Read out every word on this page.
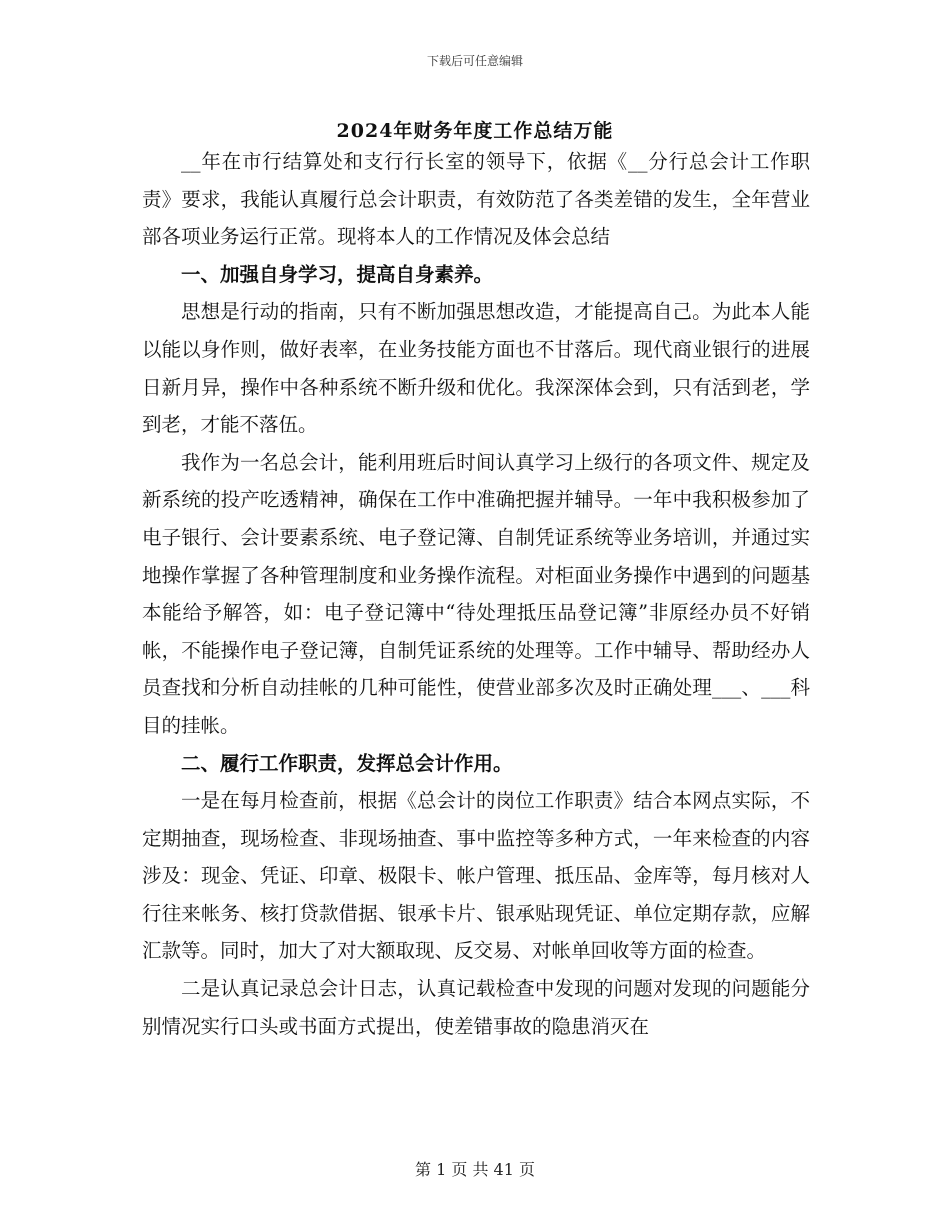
下载后可任意编辑
2024年财务年度工作总结万能

__年在市行结算处和支行行长室的领导下，依据《__分行总会计工作职责》要求，我能认真履行总会计职责，有效防范了各类差错的发生，全年营业部各项业务运行正常。现将本人的工作情况及体会总结

一、加强自身学习，提高自身素养。

思想是行动的指南，只有不断加强思想改造，才能提高自己。为此本人能以能以身作则，做好表率，在业务技能方面也不甘落后。现代商业银行的进展日新月异，操作中各种系统不断升级和优化。我深深体会到，只有活到老，学到老，才能不落伍。

我作为一名总会计，能利用班后时间认真学习上级行的各项文件、规定及新系统的投产吃透精神，确保在工作中准确把握并辅导。一年中我积极参加了电子银行、会计要素系统、电子登记簿、自制凭证系统等业务培训，并通过实地操作掌握了各种管理制度和业务操作流程。对柜面业务操作中遇到的问题基本能给予解答，如：电子登记簿中“待处理抵压品登记簿”非原经办员不好销帐，不能操作电子登记簿，自制凭证系统的处理等。工作中辅导、帮助经办人员查找和分析自动挂帐的几种可能性，使营业部多次及时正确处理___、___科目的挂帐。

二、履行工作职责，发挥总会计作用。

一是在每月检查前，根据《总会计的岗位工作职责》结合本网点实际，不定期抽查，现场检查、非现场抽查、事中监控等多种方式，一年来检查的内容涉及：现金、凭证、印章、极限卡、帐户管理、抵压品、金库等，每月核对人行往来帐务、核打贷款借据、银承卡片、银承贴现凭证、单位定期存款，应解汇款等。同时，加大了对大额取现、反交易、对帐单回收等方面的检查。

二是认真记录总会计日志，认真记载检查中发现的问题对发现的问题能分别情况实行口头或书面方式提出，使差错事故的隐患消灭在

第 1 页 共 41 页
